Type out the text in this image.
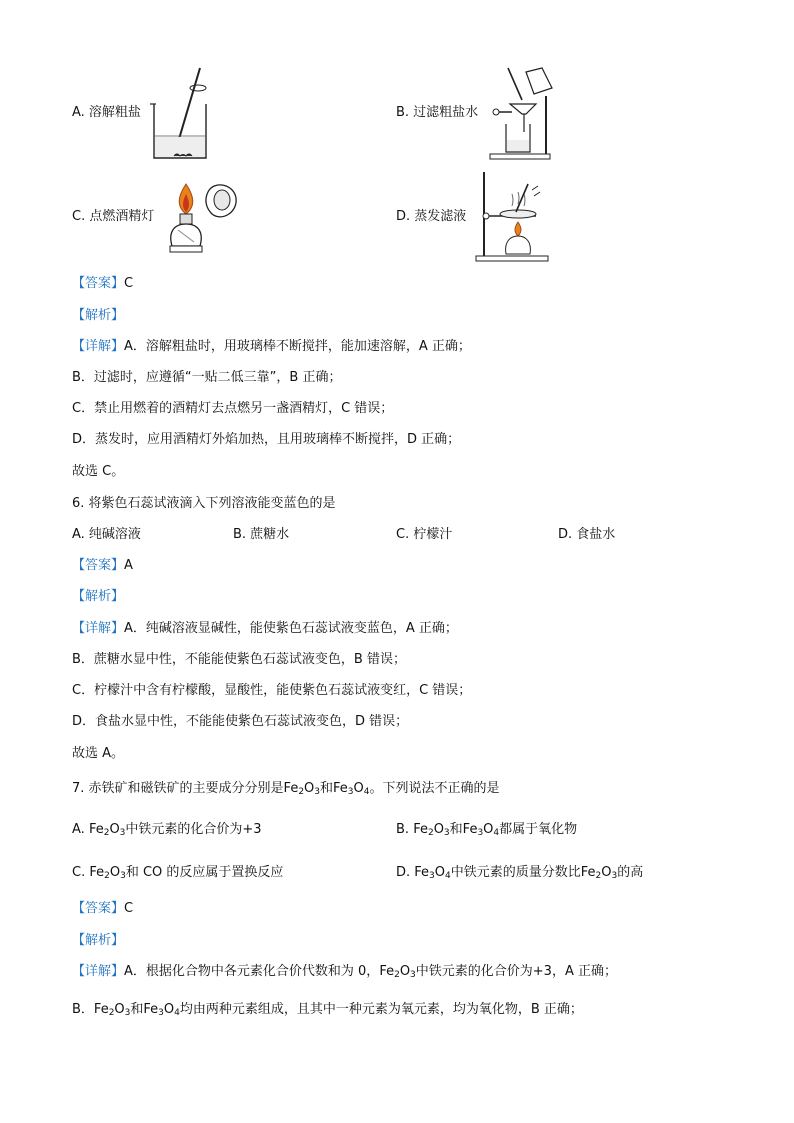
A. 溶解粗盐	B. 过滤粗盐水
C. 点燃酒精灯	D. 蒸发滤液
【答案】C
【解析】
【详解】A．溶解粗盐时，用玻璃棒不断搅拌，能加速溶解，A 正确；
B．过滤时，应遵循“一贴二低三靠”，B 正确；
C．禁止用燃着的酒精灯去点燃另一盏酒精灯，C 错误；
D．蒸发时，应用酒精灯外焰加热，且用玻璃棒不断搅拌，D 正确；
故选 C。
6. 将紫色石蕊试液滴入下列溶液能变蓝色的是
A. 纯碱溶液	B. 蔗糖水	C. 柠檬汁	D. 食盐水
【答案】A
【解析】
【详解】A．纯碱溶液显碱性，能使紫色石蕊试液变蓝色，A 正确；
B．蔗糖水显中性，不能能使紫色石蕊试液变色，B 错误；
C．柠檬汁中含有柠檬酸，显酸性，能使紫色石蕊试液变红，C 错误；
D．食盐水显中性，不能能使紫色石蕊试液变色，D 错误；
故选 A。
7. 赤铁矿和磁铁矿的主要成分分别是$Fe_2O_3$和$Fe_3O_4$。下列说法不正确的是
A. $Fe_2O_3$中铁元素的化合价为+3	B. $Fe_2O_3$和$Fe_3O_4$都属于氧化物
C. $Fe_2O_3$和 CO 的反应属于置换反应	D. $Fe_3O_4$中铁元素的质量分数比$Fe_2O_3$的高
【答案】C
【解析】
【详解】A．根据化合物中各元素化合价代数和为 0，$Fe_2O_3$中铁元素的化合价为+3，A 正确；
B．$Fe_2O_3$和$Fe_3O_4$均由两种元素组成，且其中一种元素为氧元素，均为氧化物，B 正确；
